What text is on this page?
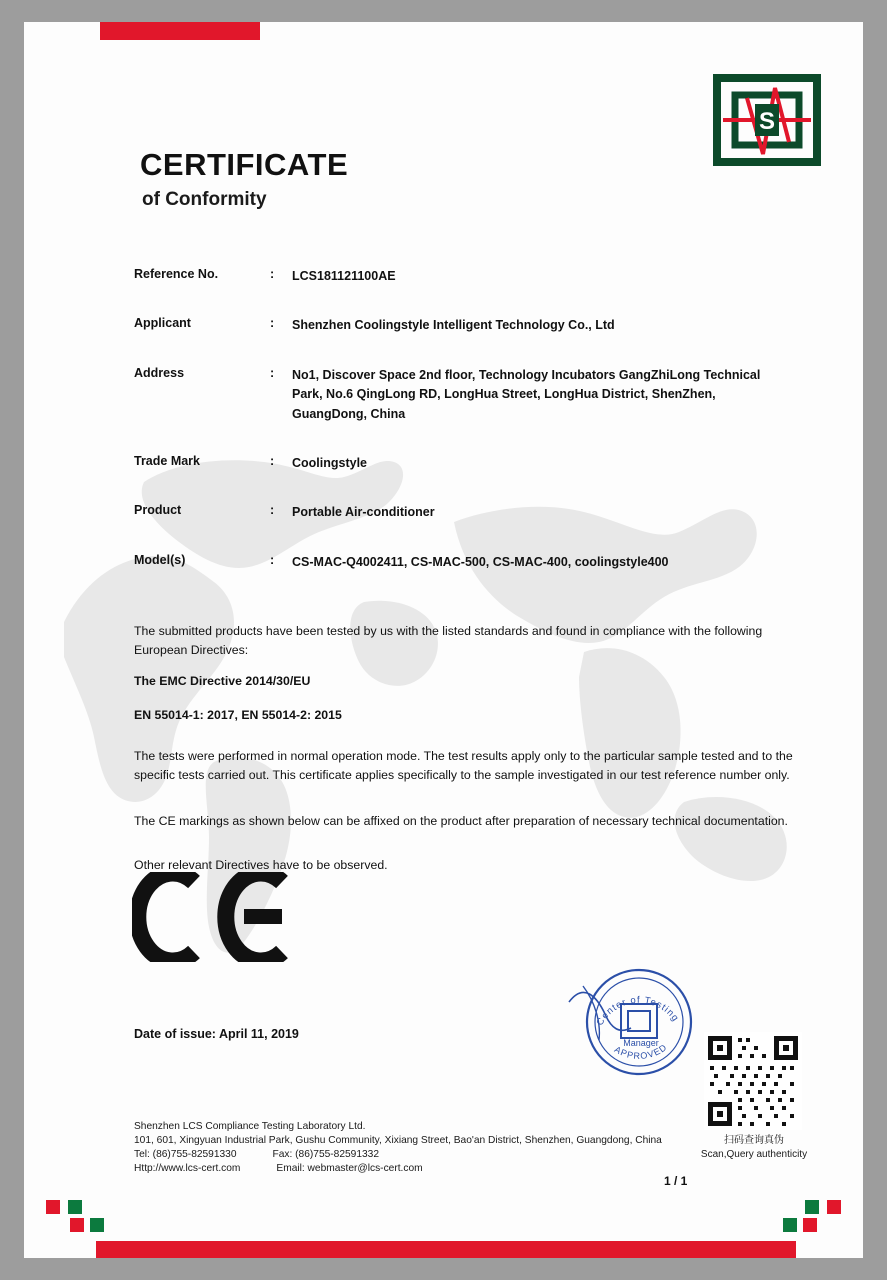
S
CERTIFICATE
of Conformity
Reference No.	:	LCS181121100AE
Applicant	:	Shenzhen Coolingstyle Intelligent Technology Co., Ltd
Address	:	No1, Discover Space 2nd floor, Technology Incubators GangZhiLong Technical Park, No.6 QingLong RD, LongHua Street, LongHua District, ShenZhen, GuangDong, China
Trade Mark	:	Coolingstyle
Product	:	Portable Air-conditioner
Model(s)	:	CS-MAC-Q4002411, CS-MAC-500, CS-MAC-400, coolingstyle400
The submitted products have been tested by us with the listed standards and found in compliance with the following European Directives:
The EMC Directive 2014/30/EU
EN 55014-1: 2017, EN 55014-2: 2015
The tests were performed in normal operation mode. The test results apply only to the particular sample tested and to the specific tests carried out. This certificate applies specifically to the sample investigated in our test reference number only.
The CE markings as shown below can be affixed on the product after preparation of necessary technical documentation.
Other relevant Directives have to be observed.
Date of issue: April 11, 2019
Center of Testing
APPROVED
Manager
扫码查询真伪
Scan,Query authenticity
Shenzhen LCS Compliance Testing Laboratory Ltd.
101, 601, Xingyuan Industrial Park, Gushu Community, Xixiang Street, Bao'an District, Shenzhen, Guangdong, China
Tel: (86)755-82591330	Fax: (86)755-82591332
Http://www.lcs-cert.com	Email: webmaster@lcs-cert.com
1 / 1
